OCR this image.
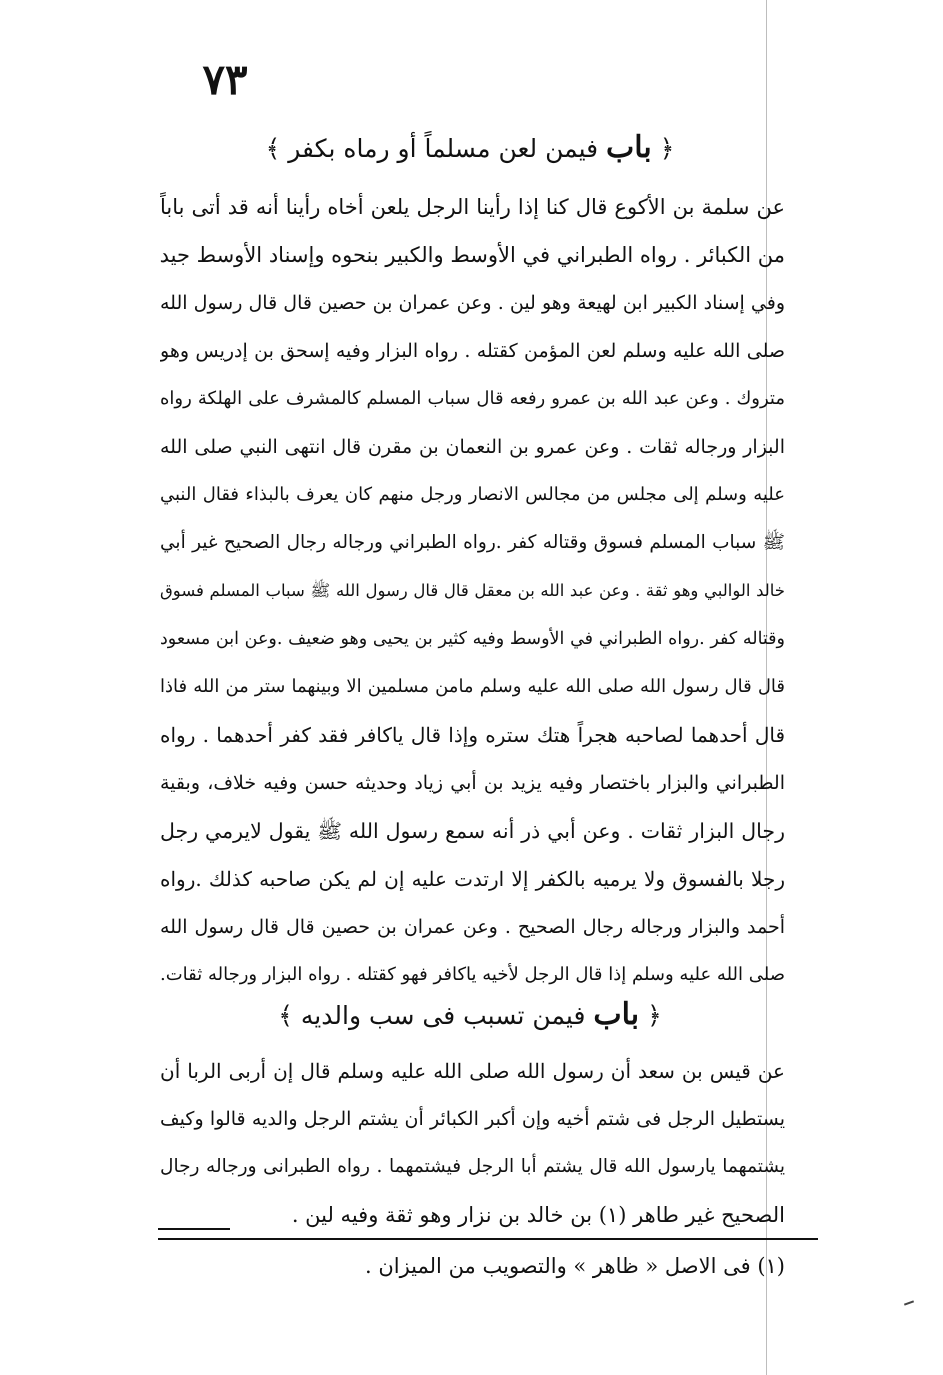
٧٣
﴿ باب فيمن لعن مسلماً أو رماه بكفر ﴾
عن سلمة بن الأكوع قال كنا إذا رأينا الرجل يلعن أخاه رأينا أنه قد أتى باباً
من الكبائر . رواه الطبراني في الأوسط والكبير بنحوه وإسناد الأوسط جيد
وفي إسناد الكبير ابن لهيعة وهو لين . وعن عمران بن حصين قال قال رسول الله
صلى الله عليه وسلم لعن المؤمن كقتله . رواه البزار وفيه إسحق بن إدريس وهو
متروك . وعن عبد الله بن عمرو رفعه قال سباب المسلم كالمشرف على الهلكة رواه
البزار ورجاله ثقات . وعن عمرو بن النعمان بن مقرن قال انتهى النبي صلى الله
عليه وسلم إلى مجلس من مجالس الانصار ورجل منهم كان يعرف بالبذاء فقال النبي
ﷺ سباب المسلم فسوق وقتاله كفر .رواه الطبراني ورجاله رجال الصحيح غير أبي
خالد الوالبي وهو ثقة . وعن عبد الله بن معقل قال قال رسول الله ﷺ سباب المسلم فسوق
وقتاله كفر .رواه الطبراني في الأوسط وفيه كثير بن يحيى وهو ضعيف .وعن ابن مسعود
قال قال رسول الله صلى الله عليه وسلم مامن مسلمين الا وبينهما ستر من الله فاذا
قال أحدهما لصاحبه هجراً هتك ستره وإذا قال ياكافر فقد كفر أحدهما . رواه
الطبراني والبزار باختصار وفيه يزيد بن أبي زياد وحديثه حسن وفيه خلاف، وبقية
رجال البزار ثقات . وعن أبي ذر أنه سمع رسول الله ﷺ يقول لايرمي رجل
رجلا بالفسوق ولا يرميه بالكفر إلا ارتدت عليه إن لم يكن صاحبه كذلك .رواه
أحمد والبزار ورجاله رجال الصحيح . وعن عمران بن حصين قال قال رسول الله
صلى الله عليه وسلم إذا قال الرجل لأخيه ياكافر فهو كقتله . رواه البزار ورجاله ثقات.
﴿ باب فيمن تسبب فى سب والديه ﴾
عن قيس بن سعد أن رسول الله صلى الله عليه وسلم قال إن أربى الربا أن
يستطيل الرجل فى شتم أخيه وإن أكبر الكبائر أن يشتم الرجل والديه قالوا وكيف
يشتمهما يارسول الله قال يشتم أبا الرجل فيشتمهما . رواه الطبرانى ورجاله رجال
الصحيح غير طاهر (١) بن خالد بن نزار وهو ثقة وفيه لين .
(١) فى الاصل « ظاهر » والتصويب من الميزان .
